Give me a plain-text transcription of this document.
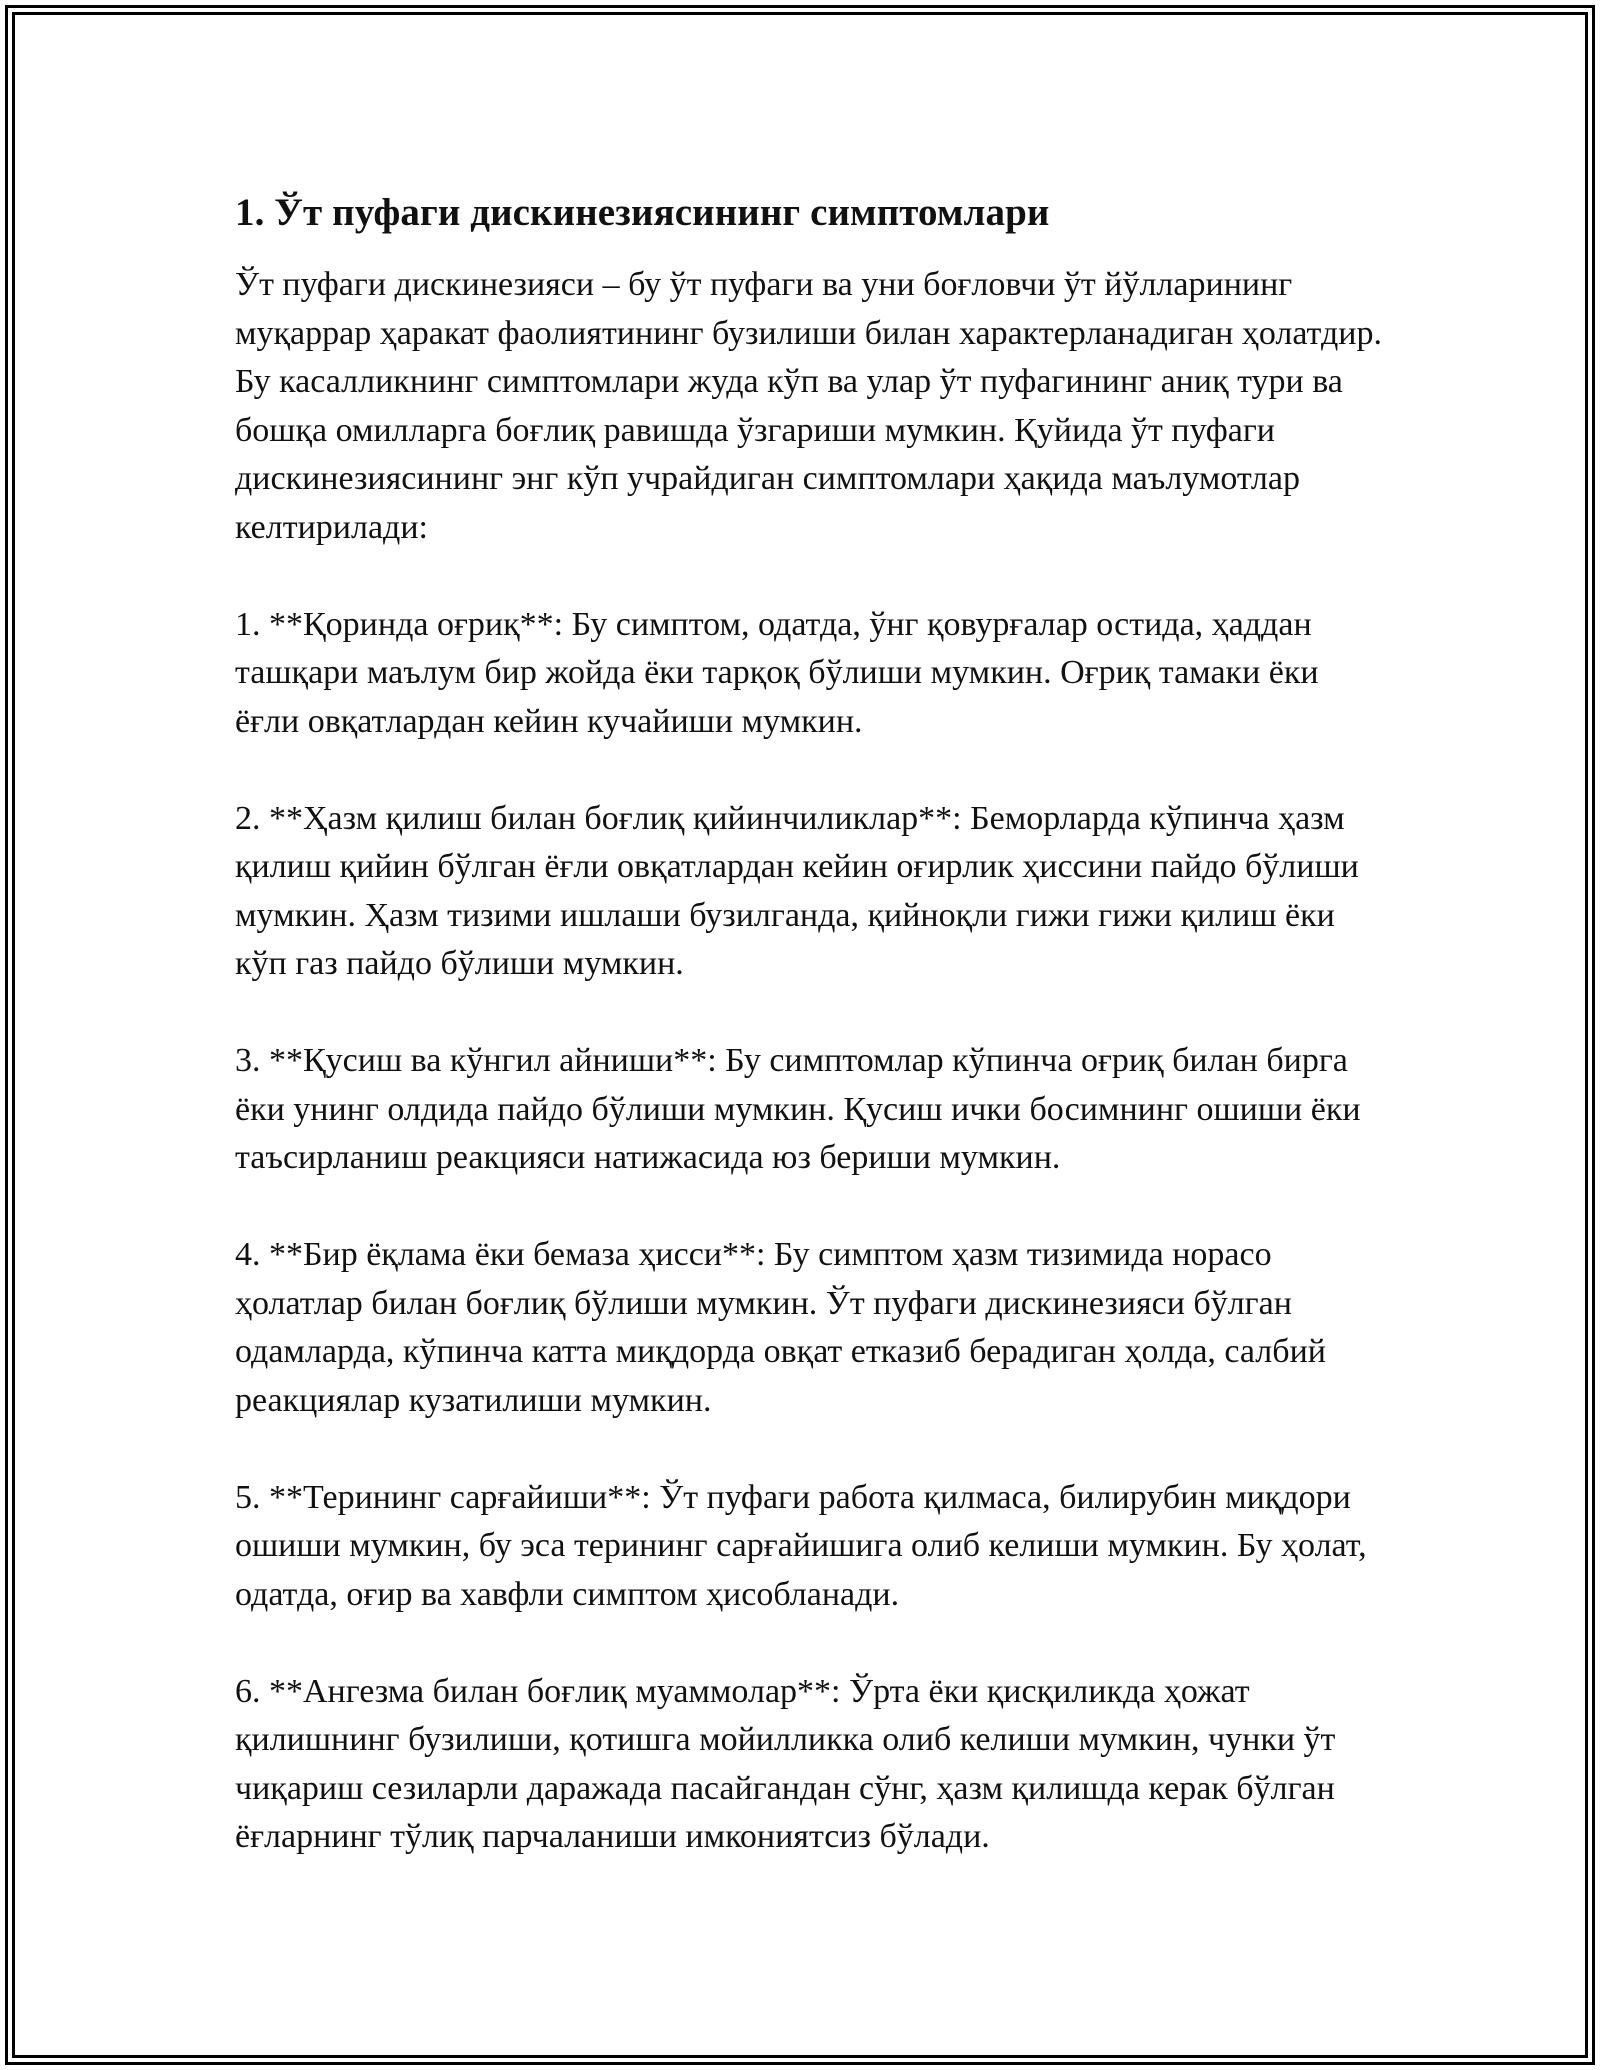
1. Ўт пуфаги дискинезиясининг симптомлари

Ўт пуфаги дискинезияси – бу ўт пуфаги ва уни боғловчи ўт йўлларининг муқаррар ҳаракат фаолиятининг бузилиши билан характерланадиган ҳолатдир. Бу касалликнинг симптомлари жуда кўп ва улар ўт пуфагининг аниқ тури ва бошқа омилларга боғлиқ равишда ўзгариши мумкин. Қуйида ўт пуфаги дискинезиясининг энг кўп учрайдиган симптомлари ҳақида маълумотлар келтирилади:

1. **Қоринда оғриқ**: Бу симптом, одатда, ўнг қовурғалар остида, ҳаддан ташқари маълум бир жойда ёки тарқоқ бўлиши мумкин. Оғриқ тамаки ёки ёғли овқатлардан кейин кучайиши мумкин.

2. **Ҳазм қилиш билан боғлиқ қийинчиликлар**: Беморларда кўпинча ҳазм қилиш қийин бўлган ёғли овқатлардан кейин оғирлик ҳиссини пайдо бўлиши мумкин. Ҳазм тизими ишлаши бузилганда, қийноқли гижи гижи қилиш ёки кўп газ пайдо бўлиши мумкин.

3. **Қусиш ва кўнгил айниши**: Бу симптомлар кўпинча оғриқ билан бирга ёки унинг олдида пайдо бўлиши мумкин. Қусиш ички босимнинг ошиши ёки таъсирланиш реакцияси натижасида юз бериши мумкин.

4. **Бир ёқлама ёки бемаза ҳисси**: Бу симптом ҳазм тизимида норасо ҳолатлар билан боғлиқ бўлиши мумкин. Ўт пуфаги дискинезияси бўлган одамларда, кўпинча катта миқдорда овқат етказиб берадиган ҳолда, салбий реакциялар кузатилиши мумкин.

5. **Терининг сарғайиши**: Ўт пуфаги работа қилмаса, билирубин миқдори ошиши мумкин, бу эса терининг сарғайишига олиб келиши мумкин. Бу ҳолат, одатда, оғир ва хавфли симптом ҳисобланади.

6. **Ангезма билан боғлиқ муаммолар**: Ўрта ёки қисқиликда ҳожат қилишнинг бузилиши, қотишга мойилликка олиб келиши мумкин, чунки ўт чиқариш сезиларли даражада пасайгандан сўнг, ҳазм қилишда керак бўлган ёғларнинг тўлиқ парчаланиши имкониятсиз бўлади.
